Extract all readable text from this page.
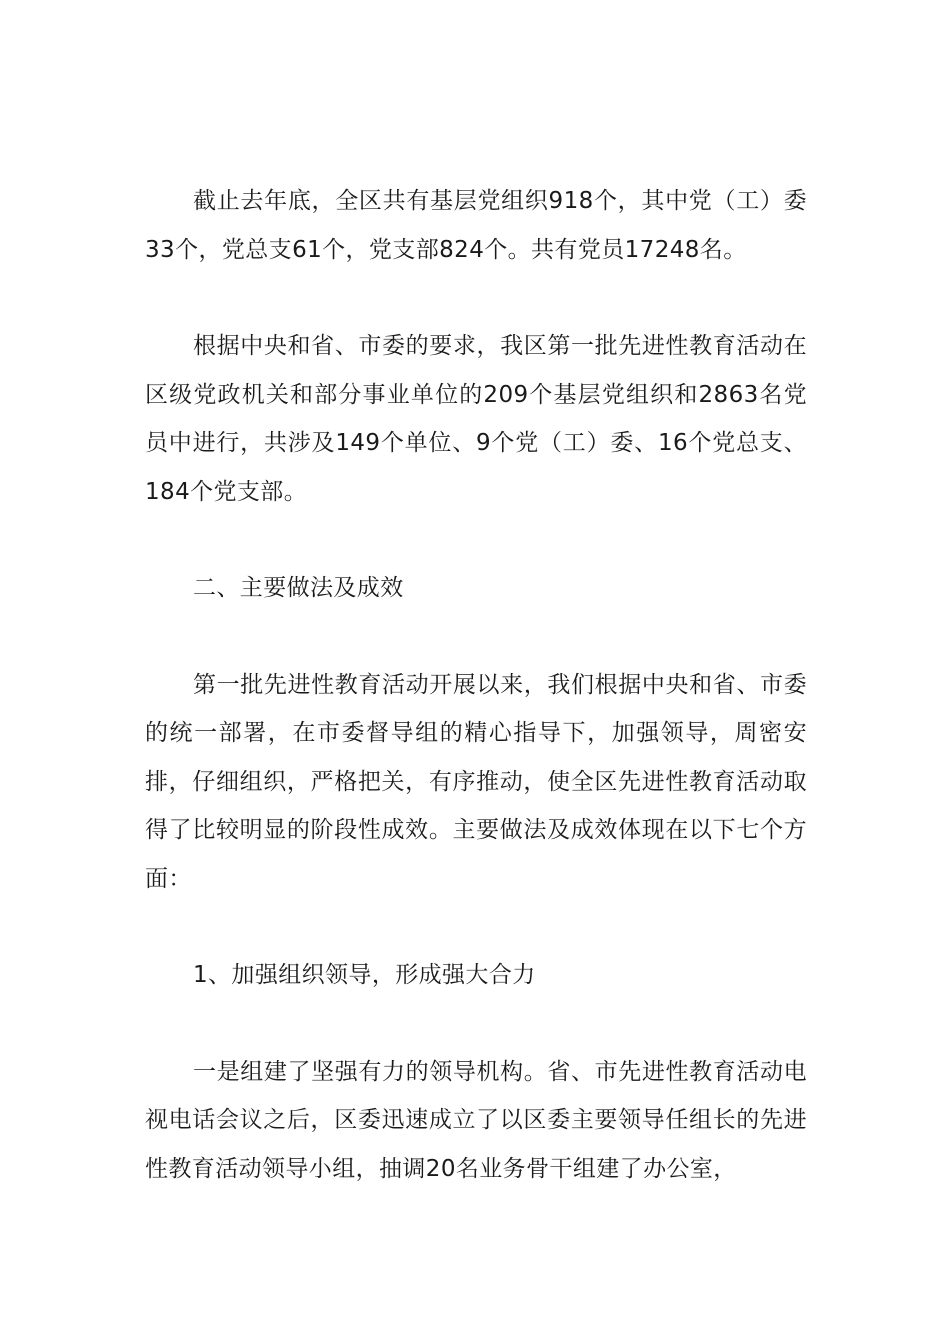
截止去年底，全区共有基层党组织918个，其中党（工）委33个，党总支61个，党支部824个。共有党员17248名。

根据中央和省、市委的要求，我区第一批先进性教育活动在区级党政机关和部分事业单位的209个基层党组织和2863名党员中进行，共涉及149个单位、9个党（工）委、16个党总支、184个党支部。

二、主要做法及成效

第一批先进性教育活动开展以来，我们根据中央和省、市委的统一部署，在市委督导组的精心指导下，加强领导，周密安排，仔细组织，严格把关，有序推动，使全区先进性教育活动取得了比较明显的阶段性成效。主要做法及成效体现在以下七个方面：

1、加强组织领导，形成强大合力

一是组建了坚强有力的领导机构。省、市先进性教育活动电视电话会议之后，区委迅速成立了以区委主要领导任组长的先进性教育活动领导小组，抽调20名业务骨干组建了办公室，
